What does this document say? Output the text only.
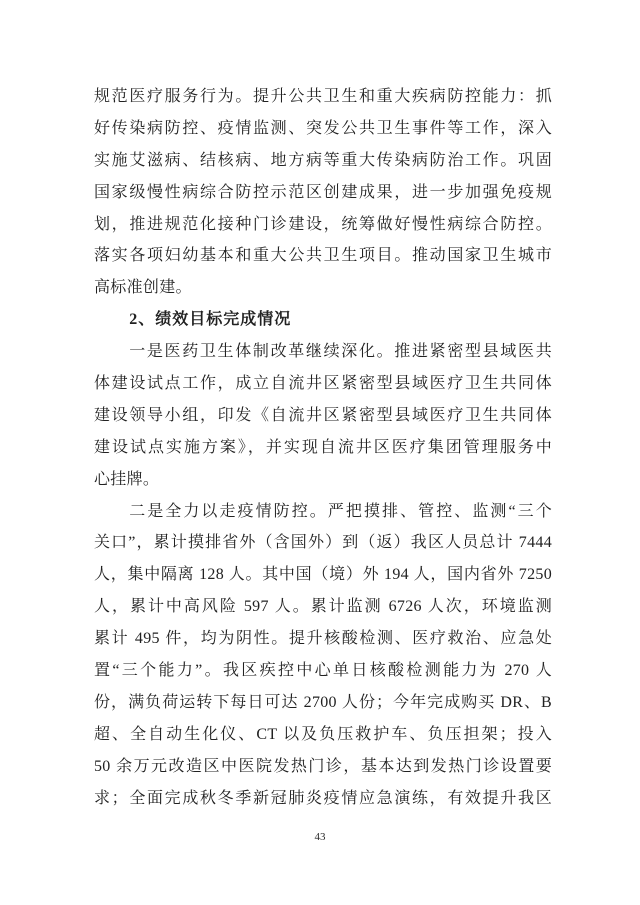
规范医疗服务行为。提升公共卫生和重大疾病防控能力：抓
好传染病防控、疫情监测、突发公共卫生事件等工作，深入
实施艾滋病、结核病、地方病等重大传染病防治工作。巩固
国家级慢性病综合防控示范区创建成果，进一步加强免疫规
划，推进规范化接种门诊建设，统筹做好慢性病综合防控。
落实各项妇幼基本和重大公共卫生项目。推动国家卫生城市
高标准创建。
2、绩效目标完成情况
一是医药卫生体制改革继续深化。推进紧密型县域医共
体建设试点工作，成立自流井区紧密型县域医疗卫生共同体
建设领导小组，印发《自流井区紧密型县域医疗卫生共同体
建设试点实施方案》，并实现自流井区医疗集团管理服务中
心挂牌。
二是全力以走疫情防控。严把摸排、管控、监测“三个
关口”，累计摸排省外（含国外）到（返）我区人员总计 7444
人，集中隔离 128 人。其中国（境）外 194 人，国内省外 7250
人，累计中高风险 597 人。累计监测 6726 人次，环境监测
累计 495 件，均为阴性。提升核酸检测、医疗救治、应急处
置“三个能力”。我区疾控中心单日核酸检测能力为 270 人
份，满负荷运转下每日可达 2700 人份；今年完成购买 DR、B
超、全自动生化仪、CT 以及负压救护车、负压担架；投入
50 余万元改造区中医院发热门诊，基本达到发热门诊设置要
求；全面完成秋冬季新冠肺炎疫情应急演练，有效提升我区
43
